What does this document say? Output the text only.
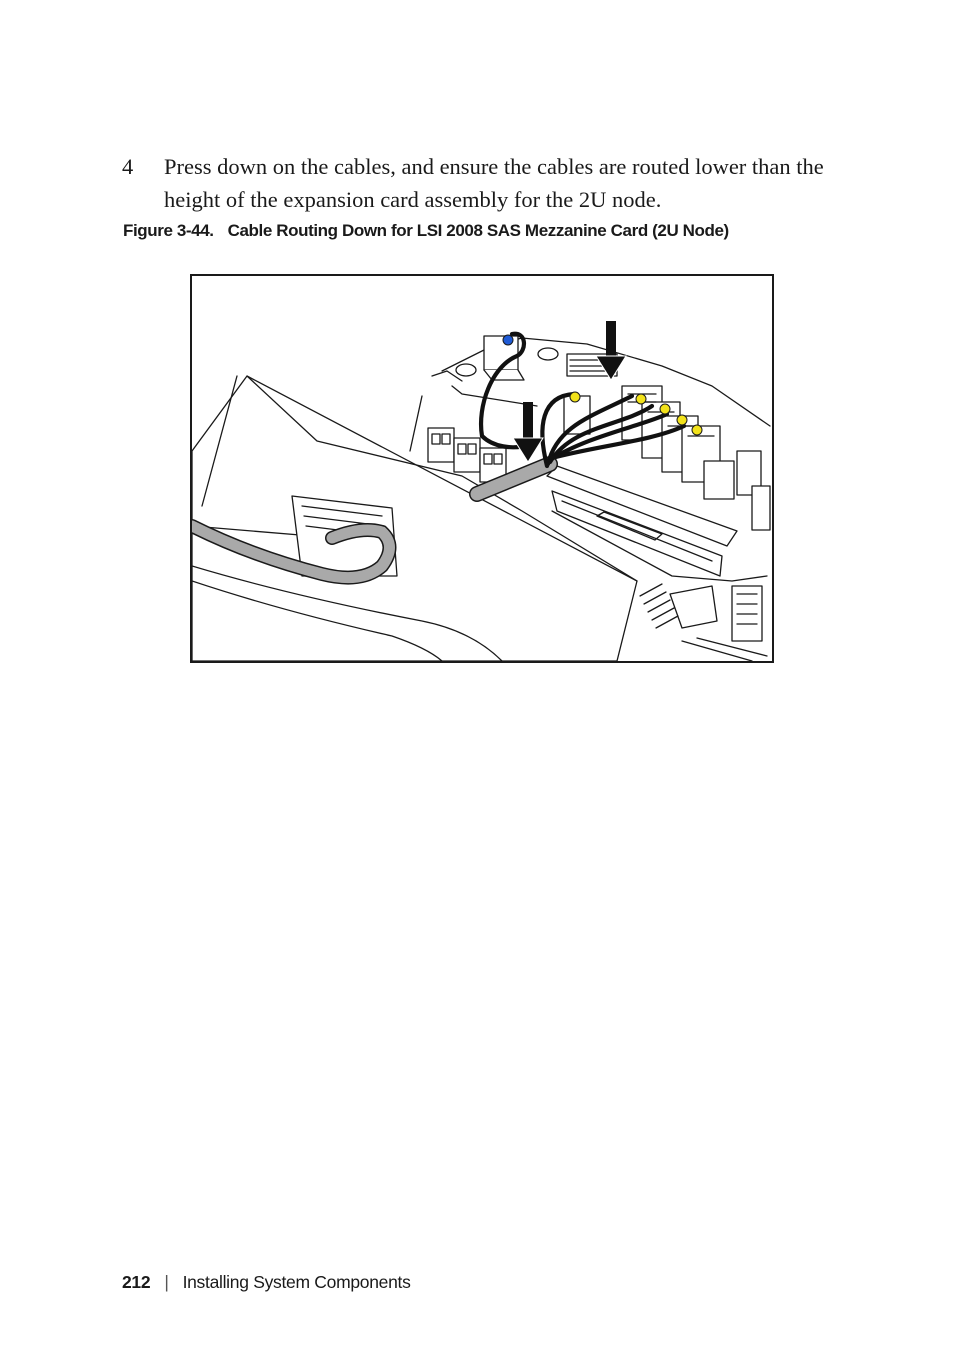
4 Press down on the cables, and ensure the cables are routed lower than the height of the expansion card assembly for the 2U node.
Figure 3-44. Cable Routing Down for LSI 2008 SAS Mezzanine Card (2U Node)
212 | Installing System Components
